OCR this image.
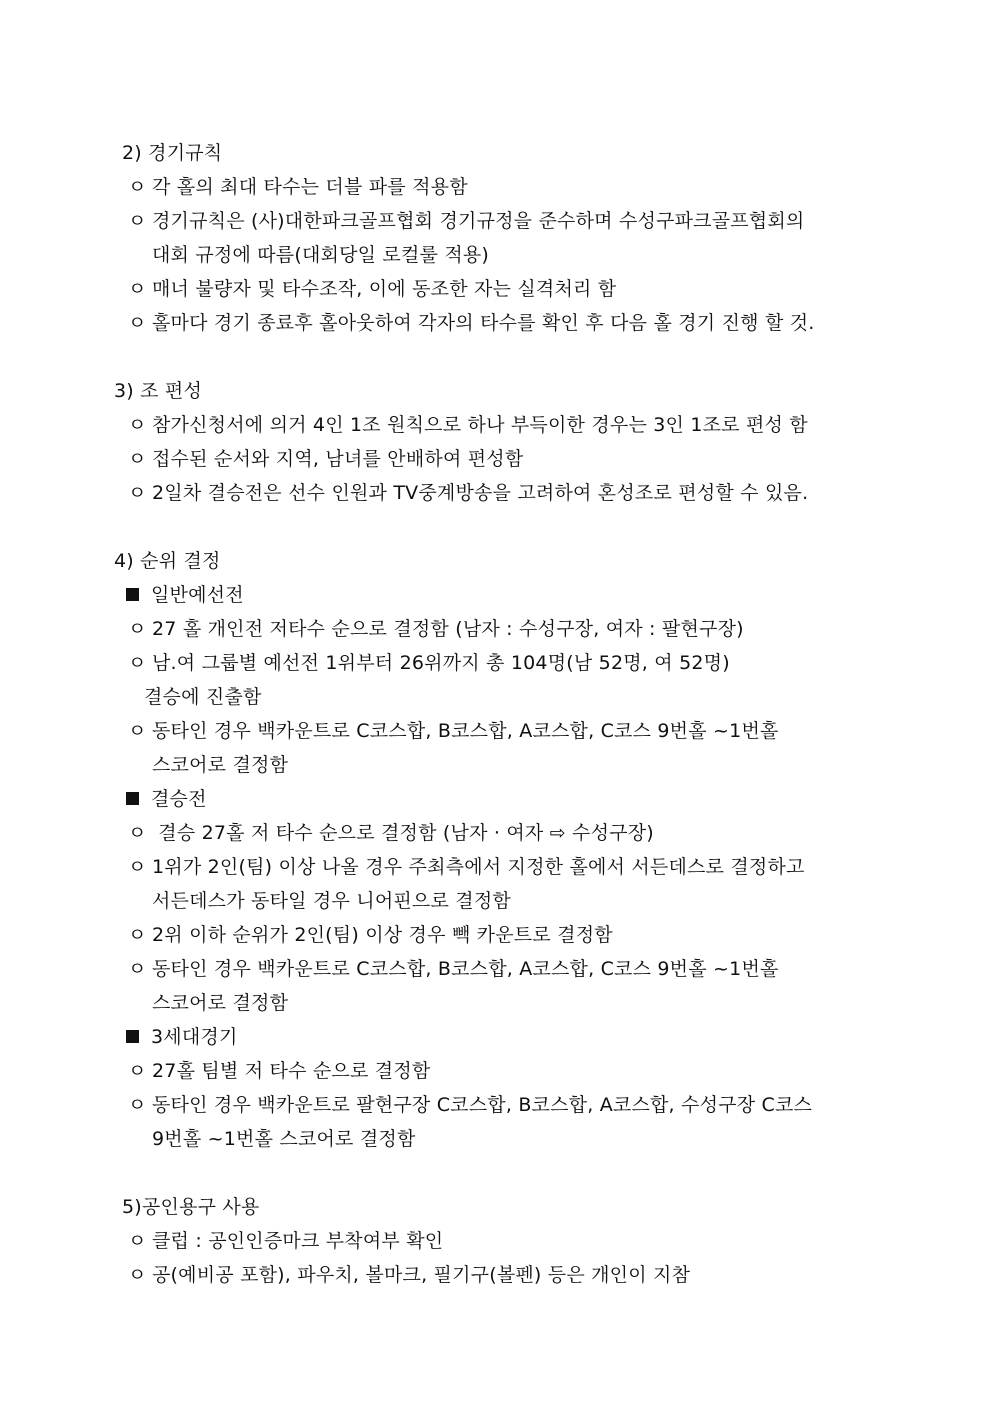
2) 경기규칙
ㅇ 각 홀의 최대 타수는 더블 파를 적용함
ㅇ 경기규칙은 (사)대한파크골프협회 경기규정을 준수하며 수성구파크골프협회의
대회 규정에 따름(대회당일 로컬룰 적용)
ㅇ 매너 불량자 및 타수조작, 이에 동조한 자는 실격처리 함
ㅇ 홀마다 경기 종료후 홀아웃하여 각자의 타수를 확인 후 다음 홀 경기 진행 할 것.
3) 조 편성
ㅇ 참가신청서에 의거 4인 1조 원칙으로 하나 부득이한 경우는 3인 1조로 편성 함
ㅇ 접수된 순서와 지역, 남녀를 안배하여 편성함
ㅇ 2일차 결승전은 선수 인원과 TV중계방송을 고려하여 혼성조로 편성할 수 있음.
4) 순위 결정
일반예선전
ㅇ 27 홀 개인전 저타수 순으로 결정함 (남자 : 수성구장, 여자 : 팔현구장)
ㅇ 남.여 그룹별 예선전 1위부터 26위까지 총 104명(남 52명, 여 52명)
결승에 진출함
ㅇ 동타인 경우 백카운트로 C코스합, B코스합, A코스합, C코스 9번홀 ~1번홀
스코어로 결정함
결승전
ㅇ 결승 27홀 저 타수 순으로 결정함 (남자 · 여자 ⇨ 수성구장)
ㅇ 1위가 2인(팀) 이상 나올 경우 주최측에서 지정한 홀에서 서든데스로 결정하고
서든데스가 동타일 경우 니어핀으로 결정함
ㅇ 2위 이하 순위가 2인(팀) 이상 경우 빽 카운트로 결정함
ㅇ 동타인 경우 백카운트로 C코스합, B코스합, A코스합, C코스 9번홀 ~1번홀
스코어로 결정함
3세대경기
ㅇ 27홀 팀별 저 타수 순으로 결정함
ㅇ 동타인 경우 백카운트로 팔현구장 C코스합, B코스합, A코스합, 수성구장 C코스
9번홀 ~1번홀 스코어로 결정함
5)공인용구 사용
ㅇ 클럽 : 공인인증마크 부착여부 확인
ㅇ 공(예비공 포함), 파우치, 볼마크, 필기구(볼펜) 등은 개인이 지참
